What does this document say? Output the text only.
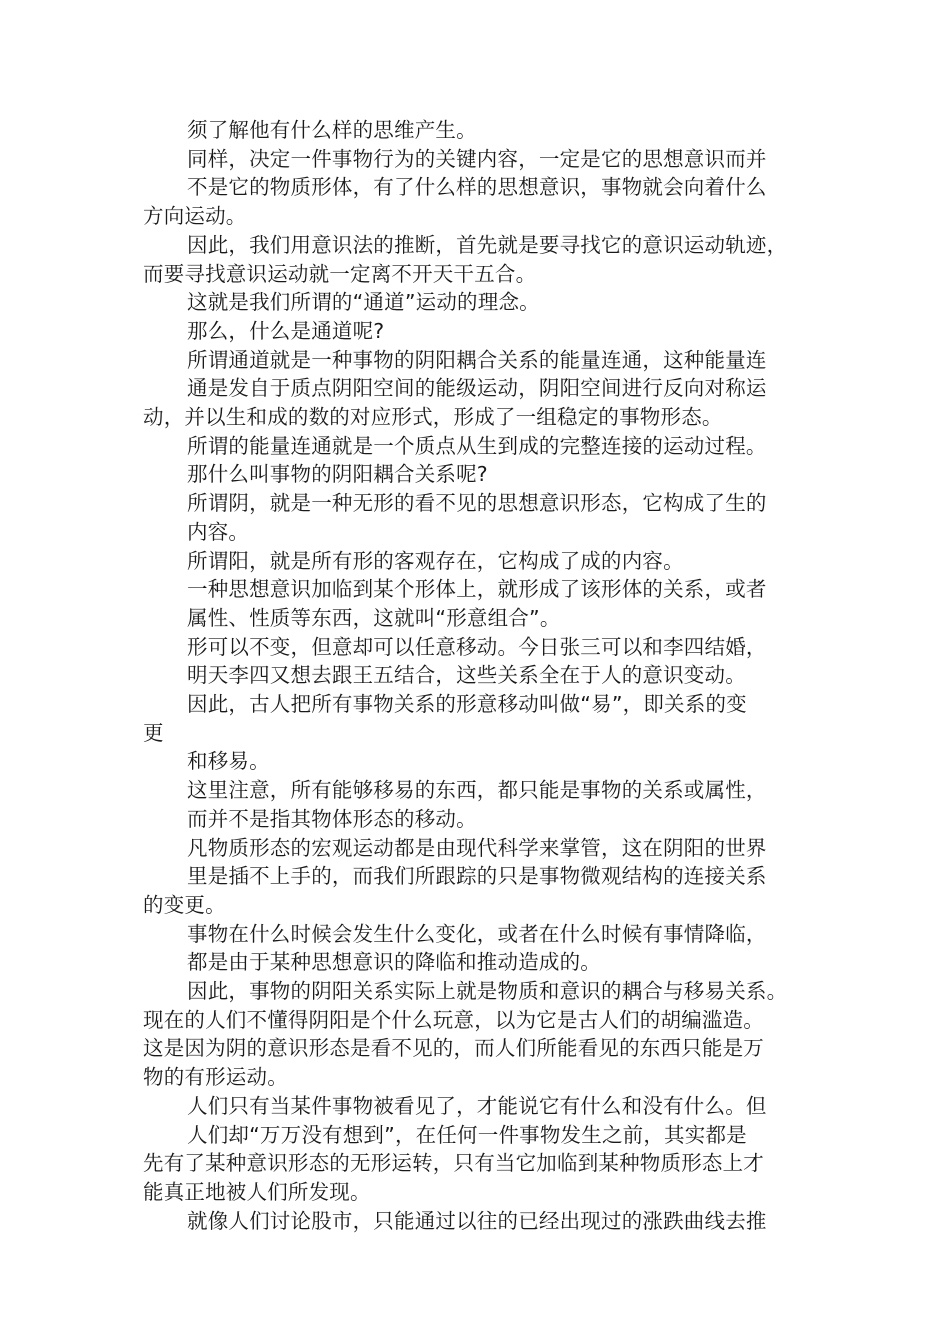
须了解他有什么样的思维产生。
同样，决定一件事物行为的关键内容，一定是它的思想意识而并
不是它的物质形体，有了什么样的思想意识，事物就会向着什么
方向运动。
因此，我们用意识法的推断，首先就是要寻找它的意识运动轨迹，
而要寻找意识运动就一定离不开天干五合。
这就是我们所谓的“通道”运动的理念。
那么，什么是通道呢?
所谓通道就是一种事物的阴阳耦合关系的能量连通，这种能量连
通是发自于质点阴阳空间的能级运动，阴阳空间进行反向对称运
动，并以生和成的数的对应形式，形成了一组稳定的事物形态。
所谓的能量连通就是一个质点从生到成的完整连接的运动过程。
那什么叫事物的阴阳耦合关系呢?
所谓阴，就是一种无形的看不见的思想意识形态，它构成了生的
内容。
所谓阳，就是所有形的客观存在，它构成了成的内容。
一种思想意识加临到某个形体上，就形成了该形体的关系，或者
属性、性质等东西，这就叫“形意组合”。
形可以不变，但意却可以任意移动。今日张三可以和李四结婚，
明天李四又想去跟王五结合，这些关系全在于人的意识变动。
因此，古人把所有事物关系的形意移动叫做“易”，即关系的变
更
和移易。
这里注意，所有能够移易的东西，都只能是事物的关系或属性，
而并不是指其物体形态的移动。
凡物质形态的宏观运动都是由现代科学来掌管，这在阴阳的世界
里是插不上手的，而我们所跟踪的只是事物微观结构的连接关系
的变更。
事物在什么时候会发生什么变化，或者在什么时候有事情降临，
都是由于某种思想意识的降临和推动造成的。
因此，事物的阴阳关系实际上就是物质和意识的耦合与移易关系。
现在的人们不懂得阴阳是个什么玩意，以为它是古人们的胡编滥造。
这是因为阴的意识形态是看不见的，而人们所能看见的东西只能是万
物的有形运动。
人们只有当某件事物被看见了，才能说它有什么和没有什么。但
人们却“万万没有想到”，在任何一件事物发生之前，其实都是
先有了某种意识形态的无形运转，只有当它加临到某种物质形态上才
能真正地被人们所发现。
就像人们讨论股市，只能通过以往的已经出现过的涨跌曲线去推
